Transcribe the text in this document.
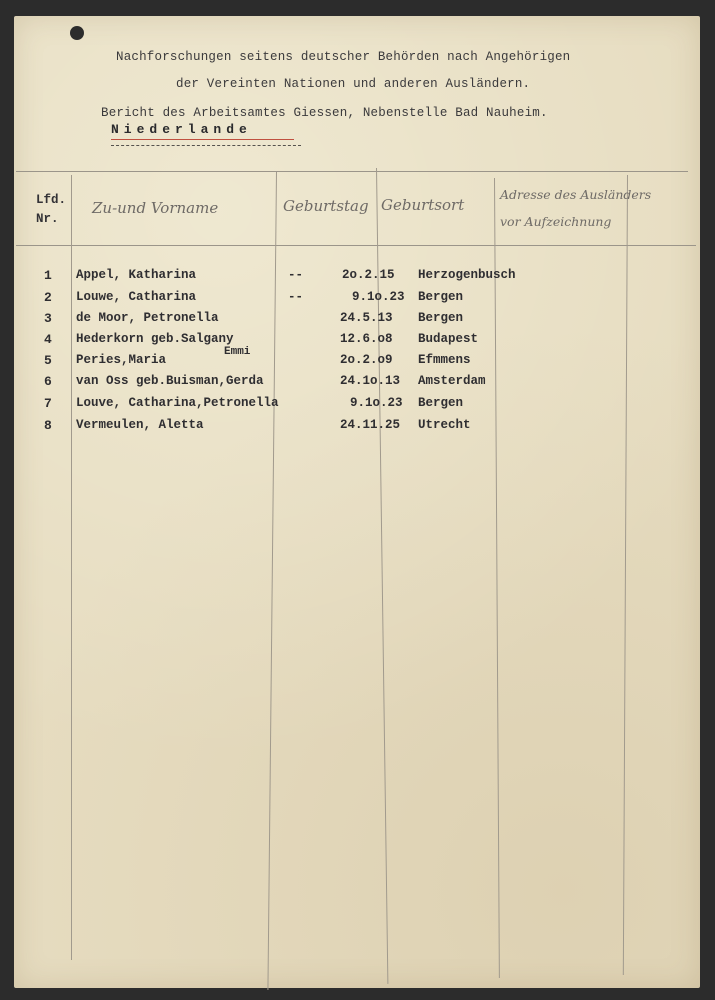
Nachforschungen seitens deutscher Behörden nach Angehörigen
der Vereinten Nationen und anderen Ausländern.
Bericht des Arbeitsamtes Giessen, Nebenstelle Bad Nauheim.
Niederlande
Lfd.
Nr.
Zu-und Vorname	Geburtstag Geburtsort
Adresse des Ausländers
vor Aufzeichnung
1 Appel, Katharina	--	2o.2.15 Herzogenbusch
2 Louwe, Catharina	--	9.1o.23 Bergen
3 de Moor, Petronella	24.5.13 Bergen
4 Hederkorn geb.Salgany	12.6.o8 Budapest
Emmi
5 Peries,Maria	2o.2.o9 Efmmens
6 van Oss geb.Buisman,Gerda	24.1o.13 Amsterdam
7 Louve, Catharina,Petronella	9.1o.23 Bergen
8 Vermeulen, Aletta	24.11.25 Utrecht
